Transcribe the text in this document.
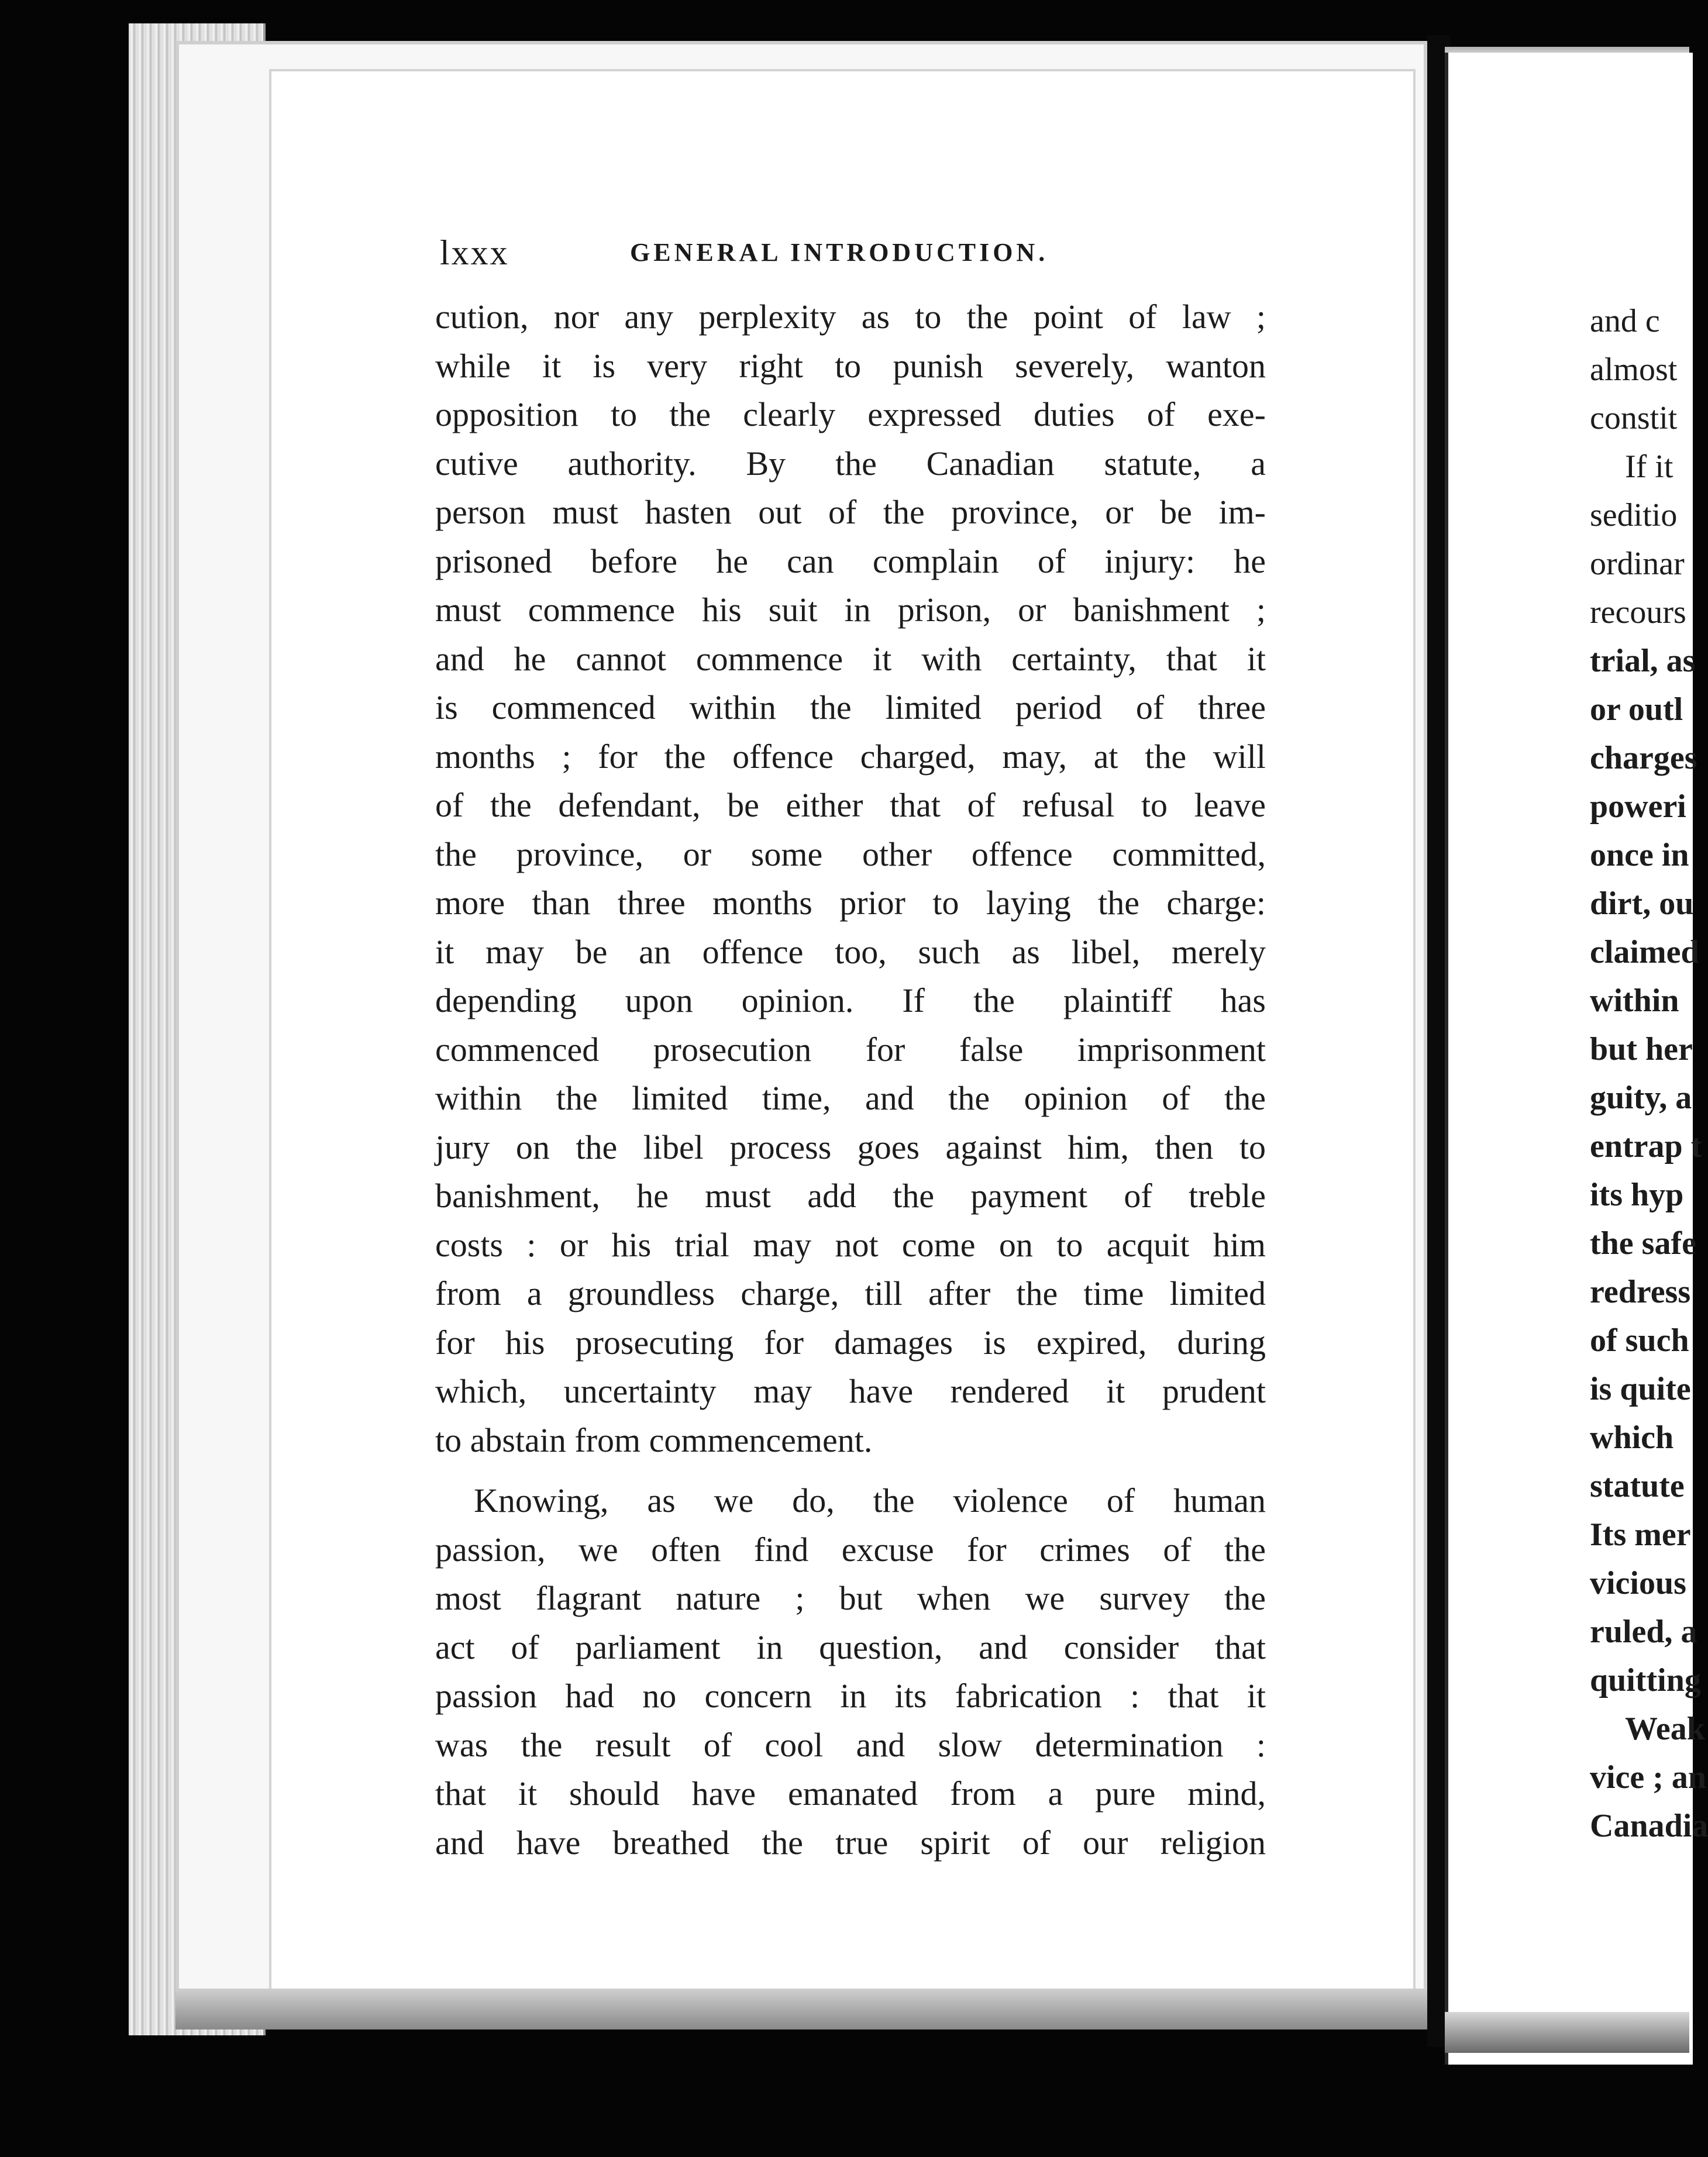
lxxx	GENERAL INTRODUCTION.
cution, nor any perplexity as to the point of law ;
while it is very right to punish severely, wanton
opposition to the clearly expressed duties of exe-
cutive authority. By the Canadian statute, a
person must hasten out of the province, or be im-
prisoned before he can complain of injury: he
must commence his suit in prison, or banishment ;
and he cannot commence it with certainty, that it
is commenced within the limited period of three
months ; for the offence charged, may, at the will
of the defendant, be either that of refusal to leave
the province, or some other offence committed,
more than three months prior to laying the charge:
it may be an offence too, such as libel, merely
depending upon opinion. If the plaintiff has
commenced prosecution for false imprisonment
within the limited time, and the opinion of the
jury on the libel process goes against him, then to
banishment, he must add the payment of treble
costs : or his trial may not come on to acquit him
from a groundless charge, till after the time limited
for his prosecuting for damages is expired, during
which, uncertainty may have rendered it prudent
to abstain from commencement.
Knowing, as we do, the violence of human
passion, we often find excuse for crimes of the
most flagrant nature ; but when we survey the
act of parliament in question, and consider that
passion had no concern in its fabrication : that it
was the result of cool and slow determination :
that it should have emanated from a pure mind,
and have breathed the true spirit of our religion
and c
almost
constit
If it
seditio
ordinar
recours
trial, as
or outl
charges
poweri
once in
dirt, ou
claimed
within
but her
guity, a
entrap t
its hyp
the safe
redress
of such
is quite
which
statute
Its mer
vicious
ruled, a
quitting
Weak
vice ; an
Canadia
